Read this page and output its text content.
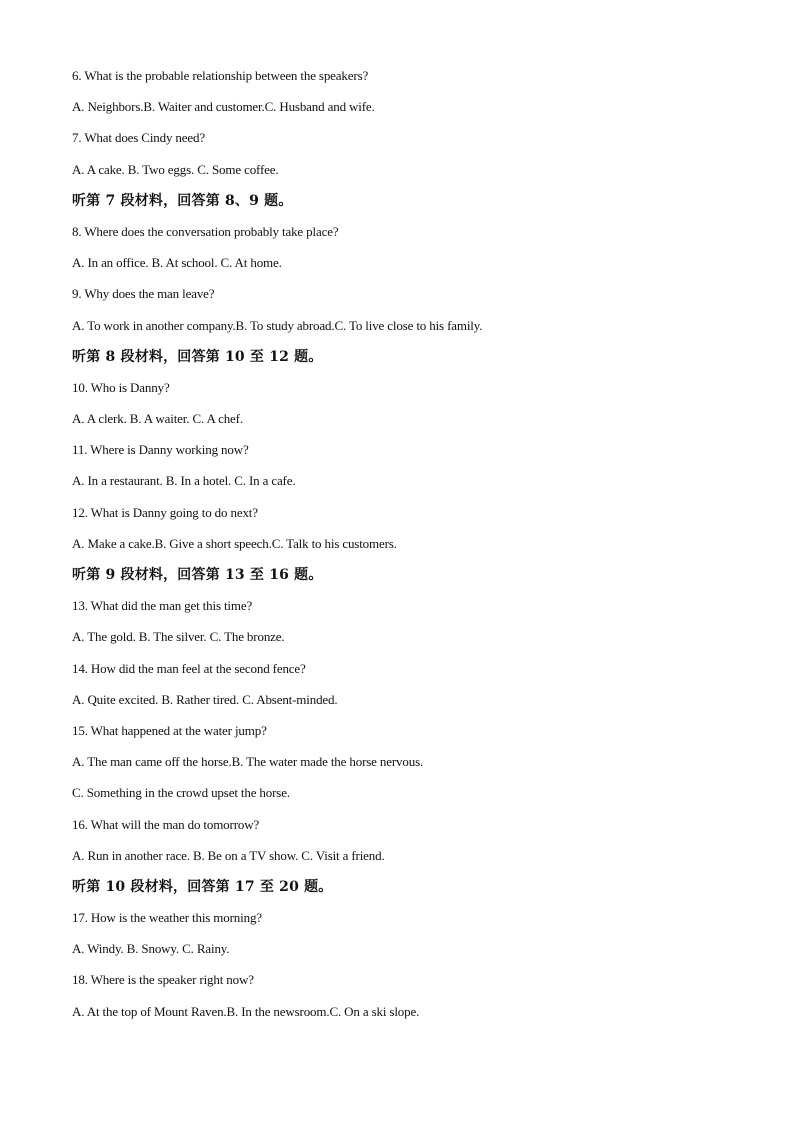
6. What is the probable relationship between the speakers?
A. Neighbors.B. Waiter and customer.C. Husband and wife.
7. What does Cindy need?
A. A cake. B. Two eggs. C. Some coffee.
听第 7 段材料，回答第 8、9 题。
8. Where does the conversation probably take place?
A. In an office. B. At school. C. At home.
9. Why does the man leave?
A. To work in another company.B. To study abroad.C. To live close to his family.
听第 8 段材料，回答第 10 至 12 题。
10. Who is Danny?
A. A clerk. B. A waiter. C. A chef.
11. Where is Danny working now?
A. In a restaurant. B. In a hotel. C. In a cafe.
12. What is Danny going to do next?
A. Make a cake.B. Give a short speech.C. Talk to his customers.
听第 9 段材料，回答第 13 至 16 题。
13. What did the man get this time?
A. The gold. B. The silver. C. The bronze.
14. How did the man feel at the second fence?
A. Quite excited. B. Rather tired. C. Absent-minded.
15. What happened at the water jump?
A. The man came off the horse.B. The water made the horse nervous.
C. Something in the crowd upset the horse.
16. What will the man do tomorrow?
A. Run in another race. B. Be on a TV show. C. Visit a friend.
听第 10 段材料，回答第 17 至 20 题。
17. How is the weather this morning?
A. Windy. B. Snowy. C. Rainy.
18. Where is the speaker right now?
A. At the top of Mount Raven.B. In the newsroom.C. On a ski slope.
